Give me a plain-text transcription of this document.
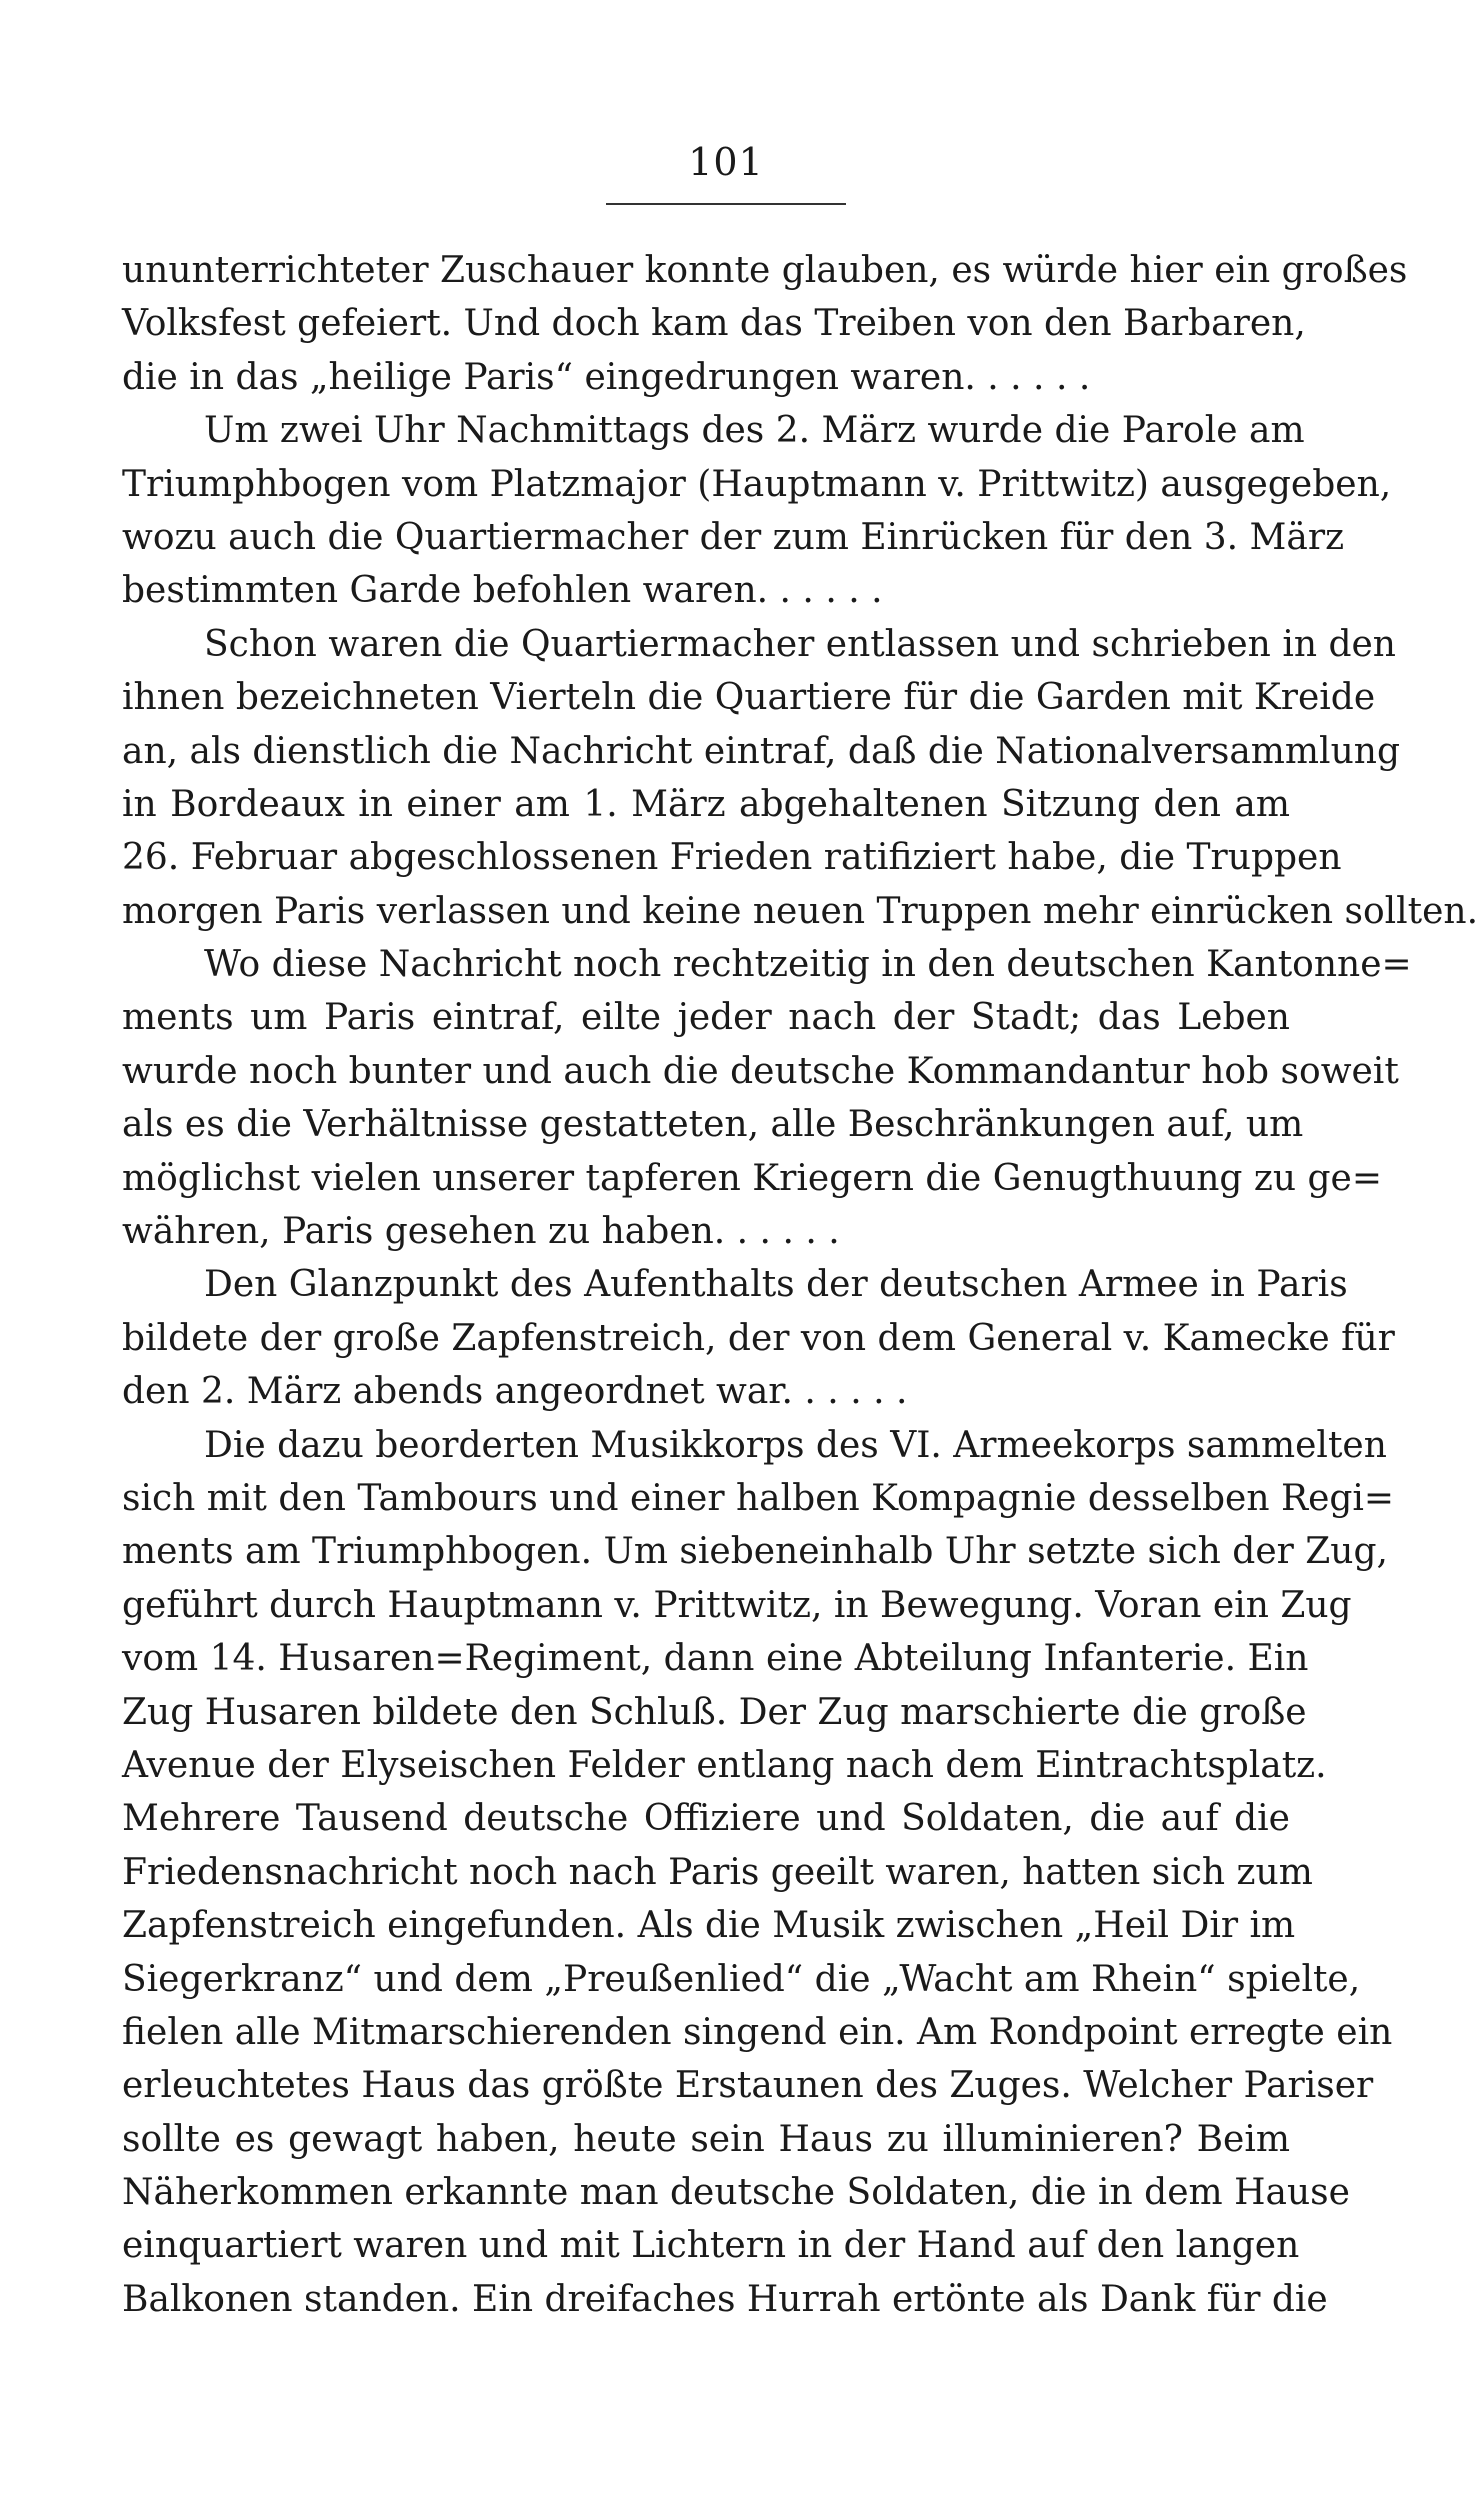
101
ununterrichteter Zuschauer konnte glauben, es würde hier ein großes
Volksfest gefeiert. Und doch kam das Treiben von den Barbaren,
die in das „heilige Paris“ eingedrungen waren. . . . . .
Um zwei Uhr Nachmittags des 2. März wurde die Parole am
Triumphbogen vom Platzmajor (Hauptmann v. Prittwitz) ausgegeben,
wozu auch die Quartiermacher der zum Einrücken für den 3. März
bestimmten Garde befohlen waren. . . . . .
Schon waren die Quartiermacher entlassen und schrieben in den
ihnen bezeichneten Vierteln die Quartiere für die Garden mit Kreide
an, als dienstlich die Nachricht eintraf, daß die Nationalversammlung
in Bordeaux in einer am 1. März abgehaltenen Sitzung den am
26. Februar abgeschlossenen Frieden ratifiziert habe, die Truppen
morgen Paris verlassen und keine neuen Truppen mehr einrücken sollten.
Wo diese Nachricht noch rechtzeitig in den deutschen Kantonne=
ments um Paris eintraf, eilte jeder nach der Stadt; das Leben
wurde noch bunter und auch die deutsche Kommandantur hob soweit
als es die Verhältnisse gestatteten, alle Beschränkungen auf, um
möglichst vielen unserer tapferen Kriegern die Genugthuung zu ge=
währen, Paris gesehen zu haben. . . . . .
Den Glanzpunkt des Aufenthalts der deutschen Armee in Paris
bildete der große Zapfenstreich, der von dem General v. Kamecke für
den 2. März abends angeordnet war. . . . . .
Die dazu beorderten Musikkorps des VI. Armeekorps sammelten
sich mit den Tambours und einer halben Kompagnie desselben Regi=
ments am Triumphbogen. Um siebeneinhalb Uhr setzte sich der Zug,
geführt durch Hauptmann v. Prittwitz, in Bewegung. Voran ein Zug
vom 14. Husaren=Regiment, dann eine Abteilung Infanterie. Ein
Zug Husaren bildete den Schluß. Der Zug marschierte die große
Avenue der Elyseischen Felder entlang nach dem Eintrachtsplatz.
Mehrere Tausend deutsche Offiziere und Soldaten, die auf die
Friedensnachricht noch nach Paris geeilt waren, hatten sich zum
Zapfenstreich eingefunden. Als die Musik zwischen „Heil Dir im
Siegerkranz“ und dem „Preußenlied“ die „Wacht am Rhein“ spielte,
fielen alle Mitmarschierenden singend ein. Am Rondpoint erregte ein
erleuchtetes Haus das größte Erstaunen des Zuges. Welcher Pariser
sollte es gewagt haben, heute sein Haus zu illuminieren? Beim
Näherkommen erkannte man deutsche Soldaten, die in dem Hause
einquartiert waren und mit Lichtern in der Hand auf den langen
Balkonen standen. Ein dreifaches Hurrah ertönte als Dank für die
